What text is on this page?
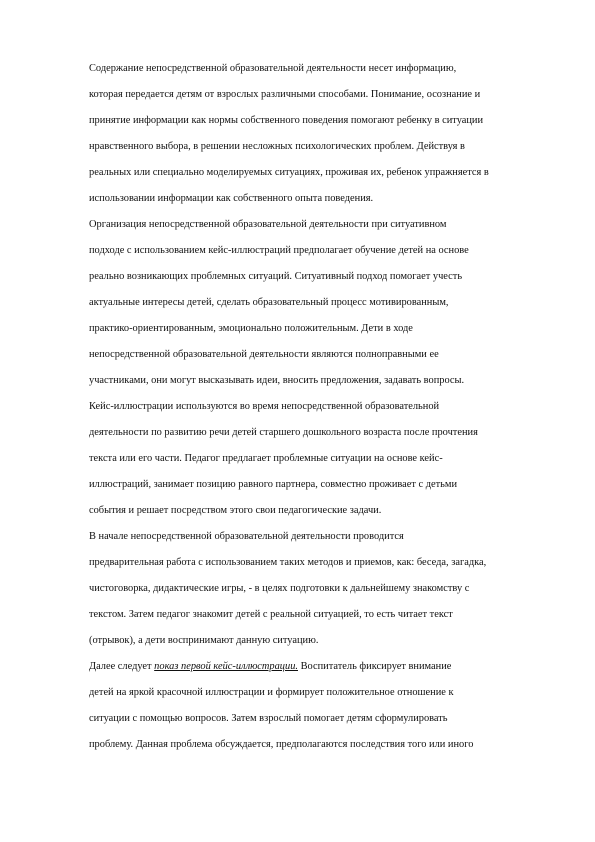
Содержание непосредственной образовательной деятельности несет информацию,
которая передается детям от взрослых различными способами. Понимание, осознание и
принятие информации как нормы собственного поведения помогают ребенку в ситуации
нравственного выбора, в решении несложных психологических проблем. Действуя в
реальных или специально моделируемых ситуациях, проживая их, ребенок упражняется в
использовании информации как собственного опыта поведения.
Организация непосредственной образовательной деятельности при ситуативном
подходе с использованием кейс-иллюстраций предполагает обучение детей на основе
реально возникающих проблемных ситуаций. Ситуативный подход помогает учесть
актуальные интересы детей, сделать образовательный процесс мотивированным,
практико-ориентированным, эмоционально положительным. Дети в ходе
непосредственной образовательной деятельности являются полноправными ее
участниками, они могут высказывать идеи, вносить предложения, задавать вопросы.
Кейс-иллюстрации используются во время непосредственной образовательной
деятельности по развитию речи детей старшего дошкольного возраста после прочтения
текста или его части. Педагог предлагает проблемные ситуации на основе кейс-
иллюстраций, занимает позицию равного партнера, совместно проживает с детьми
события и решает посредством этого свои педагогические задачи.
В начале непосредственной образовательной деятельности проводится
предварительная работа с использованием таких методов и приемов, как: беседа, загадка,
чистоговорка, дидактические игры, - в целях подготовки к дальнейшему знакомству с
текстом. Затем педагог знакомит детей с реальной ситуацией, то есть читает текст
(отрывок), а дети воспринимают данную ситуацию.
Далее следует показ первой кейс-иллюстрации. Воспитатель фиксирует внимание
детей на яркой красочной иллюстрации и формирует положительное отношение к
ситуации с помощью вопросов. Затем взрослый помогает детям сформулировать
проблему. Данная проблема обсуждается, предполагаются последствия того или иного
